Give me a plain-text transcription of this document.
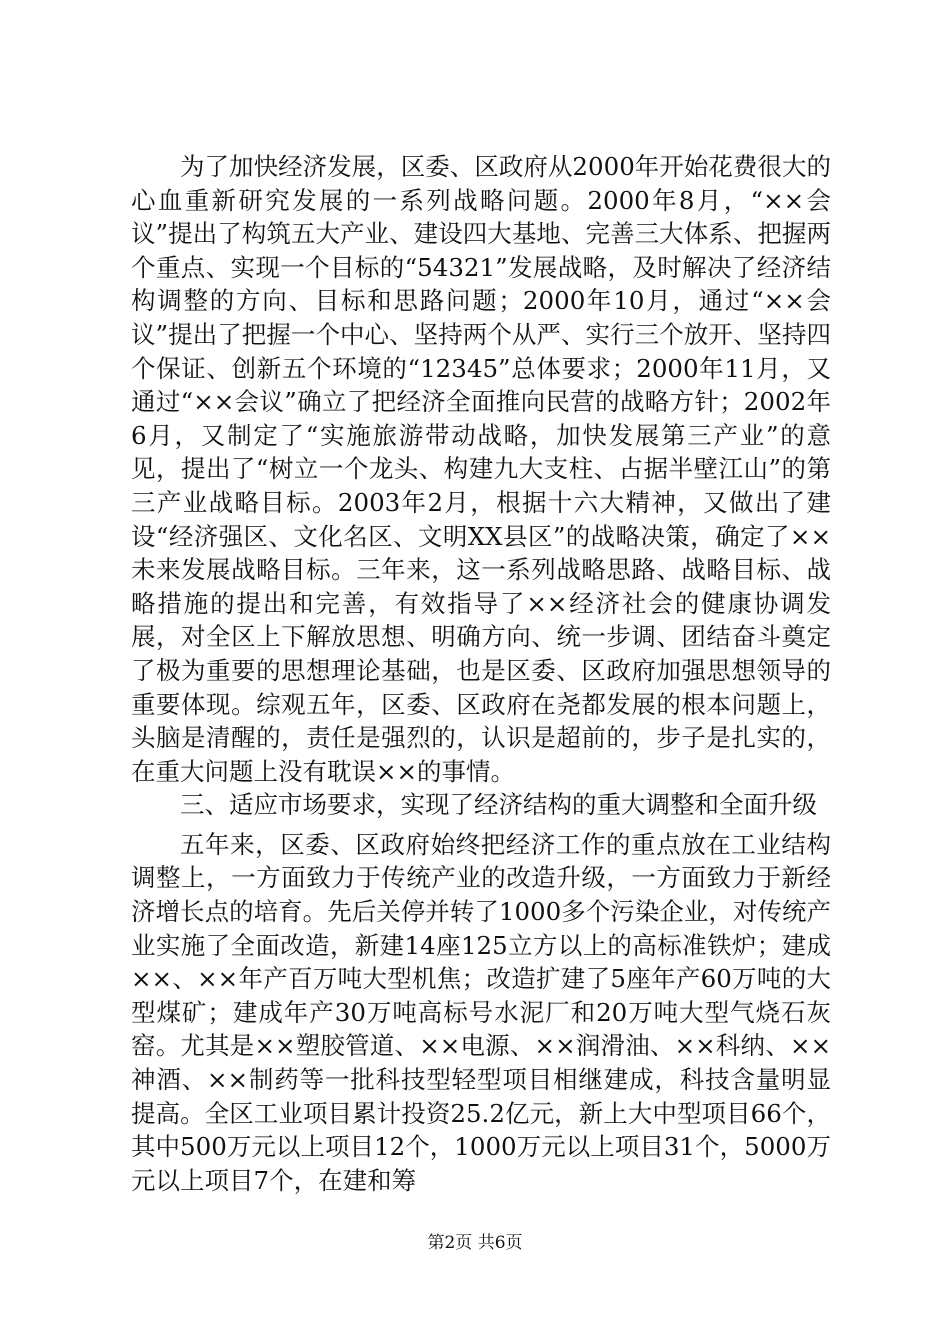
为了加快经济发展，区委、区政府从2000年开始花费很大的心血重新研究发展的一系列战略问题。2000年8月，“××会议”提出了构筑五大产业、建设四大基地、完善三大体系、把握两个重点、实现一个目标的“54321”发展战略，及时解决了经济结构调整的方向、目标和思路问题；2000年10月，通过“××会议”提出了把握一个中心、坚持两个从严、实行三个放开、坚持四个保证、创新五个环境的“12345”总体要求；2000年11月，又通过“××会议”确立了把经济全面推向民营的战略方针；2002年6月，又制定了“实施旅游带动战略，加快发展第三产业”的意见，提出了“树立一个龙头、构建九大支柱、占据半壁江山”的第三产业战略目标。2003年2月，根据十六大精神，又做出了建设“经济强区、文化名区、文明XX县区”的战略决策，确定了××未来发展战略目标。三年来，这一系列战略思路、战略目标、战略措施的提出和完善，有效指导了××经济社会的健康协调发展，对全区上下解放思想、明确方向、统一步调、团结奋斗奠定了极为重要的思想理论基础，也是区委、区政府加强思想领导的重要体现。综观五年，区委、区政府在尧都发展的根本问题上，头脑是清醒的，责任是强烈的，认识是超前的，步子是扎实的，在重大问题上没有耽误××的事情。

三、适应市场要求，实现了经济结构的重大调整和全面升级

五年来，区委、区政府始终把经济工作的重点放在工业结构调整上，一方面致力于传统产业的改造升级，一方面致力于新经济增长点的培育。先后关停并转了1000多个污染企业，对传统产业实施了全面改造，新建14座125立方以上的高标准铁炉；建成××、××年产百万吨大型机焦；改造扩建了5座年产60万吨的大型煤矿；建成年产30万吨高标号水泥厂和20万吨大型气烧石灰窑。尤其是××塑胶管道、××电源、××润滑油、××科纳、××神酒、××制药等一批科技型轻型项目相继建成，科技含量明显提高。全区工业项目累计投资25.2亿元，新上大中型项目66个，其中500万元以上项目12个，1000万元以上项目31个，5000万元以上项目7个，在建和筹

第2页 共6页
